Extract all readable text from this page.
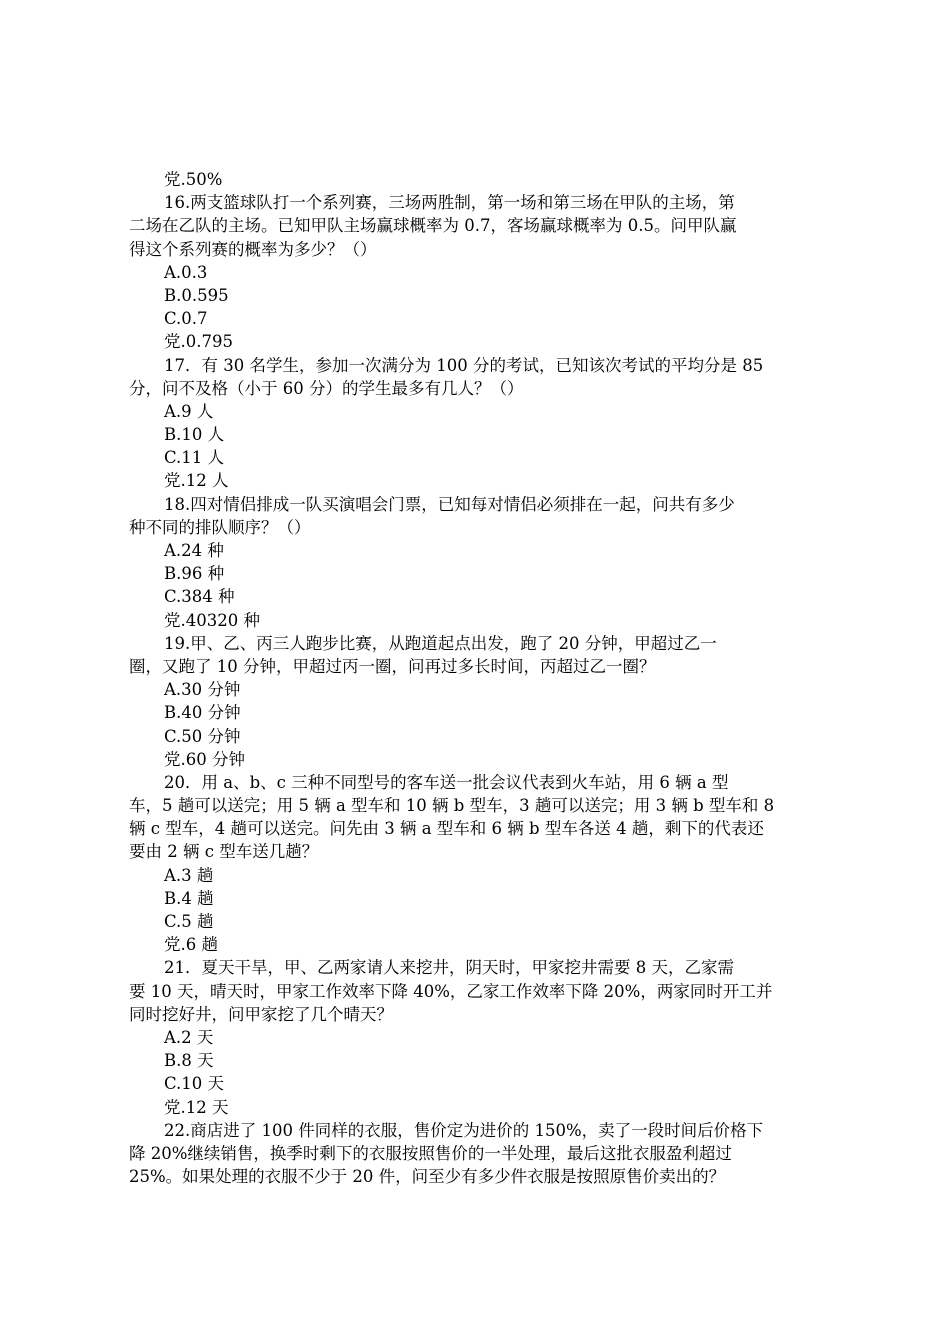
党.50%
16.两支篮球队打一个系列赛，三场两胜制，第一场和第三场在甲队的主场，第
二场在乙队的主场。已知甲队主场赢球概率为 0.7，客场赢球概率为 0.5。问甲队赢
得这个系列赛的概率为多少？（）
A.0.3
B.0.595
C.0.7
党.0.795
17．有 30 名学生，参加一次满分为 100 分的考试，已知该次考试的平均分是 85
分，问不及格（小于 60 分）的学生最多有几人？（）
A.9 人
B.10 人
C.11 人
党.12 人
18.四对情侣排成一队买演唱会门票，已知每对情侣必须排在一起，问共有多少
种不同的排队顺序？（）
A.24 种
B.96 种
C.384 种
党.40320 种
19.甲、乙、丙三人跑步比赛，从跑道起点出发，跑了 20 分钟，甲超过乙一
圈，又跑了 10 分钟，甲超过丙一圈，问再过多长时间，丙超过乙一圈？
A.30 分钟
B.40 分钟
C.50 分钟
党.60 分钟
20．用 a、b、c 三种不同型号的客车送一批会议代表到火车站，用 6 辆 a 型
车，5 趟可以送完；用 5 辆 a 型车和 10 辆 b 型车，3 趟可以送完；用 3 辆 b 型车和 8
辆 c 型车，4 趟可以送完。问先由 3 辆 a 型车和 6 辆 b 型车各送 4 趟，剩下的代表还
要由 2 辆 c 型车送几趟？
A.3 趟
B.4 趟
C.5 趟
党.6 趟
21．夏天干旱，甲、乙两家请人来挖井，阴天时，甲家挖井需要 8 天，乙家需
要 10 天，晴天时，甲家工作效率下降 40%，乙家工作效率下降 20%，两家同时开工并
同时挖好井，问甲家挖了几个晴天？
A.2 天
B.8 天
C.10 天
党.12 天
22.商店进了 100 件同样的衣服，售价定为进价的 150%，卖了一段时间后价格下
降 20%继续销售，换季时剩下的衣服按照售价的一半处理，最后这批衣服盈利超过
25%。如果处理的衣服不少于 20 件，问至少有多少件衣服是按照原售价卖出的？
